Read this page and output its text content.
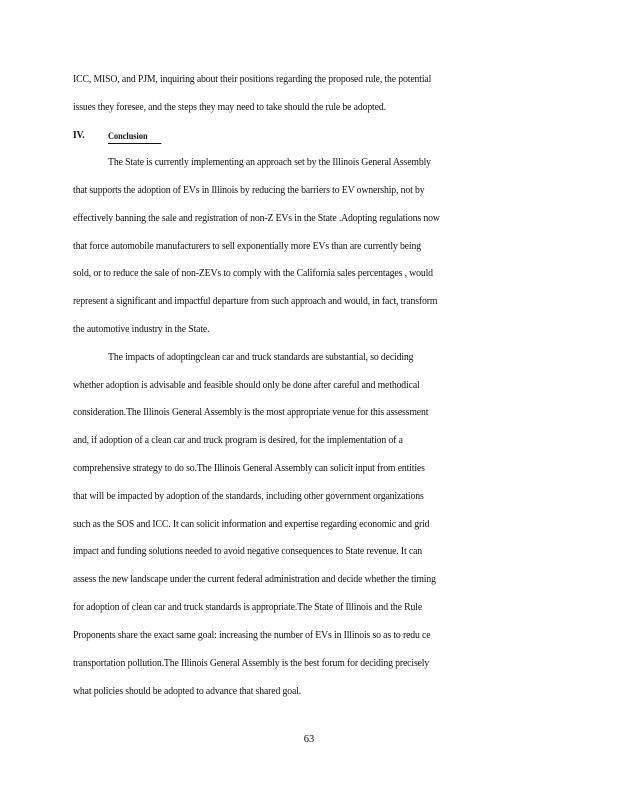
ICC, MISO, and PJM, inquiring about their positions regarding the proposed rule, the potential
issues they foresee, and the steps they may need to take should the rule be adopted.
IV.	Conclusion
The State is currently implementing an approach set by the Illinois General Assembly
that supports the adoption of EVs in Illinois by reducing the barriers to EV ownership, not by
effectively banning the sale and registration of non-Z EVs in the State .Adopting regulations now
that force automobile manufacturers to sell exponentially more EVs than are currently being
sold, or to reduce the sale of non-ZEVs to comply with the California sales percentages , would
represent a significant and impactful departure from such approach and would, in fact, transform
the automotive industry in the State.
The impacts of adoptingclean car and truck standards are substantial, so deciding
whether adoption is advisable and feasible should only be done after careful and methodical
consideration.The Illinois General Assembly is the most appropriate venue for this assessment
and, if adoption of a clean car and truck program is desired, for the implementation of a
comprehensive strategy to do so.The Illinois General Assembly can solicit input from entities
that will be impacted by adoption of the standards, including other government organizations
such as the SOS and ICC. It can solicit information and expertise regarding economic and grid
impact and funding solutions needed to avoid negative consequences to State revenue. It can
assess the new landscape under the current federal administration and decide whether the timing
for adoption of clean car and truck standards is appropriate.The State of Illinois and the Rule
Proponents share the exact same goal: increasing the number of EVs in Illinois so as to redu ce
transportation pollution.The Illinois General Assembly is the best forum for deciding precisely
what policies should be adopted to advance that shared goal.
63
